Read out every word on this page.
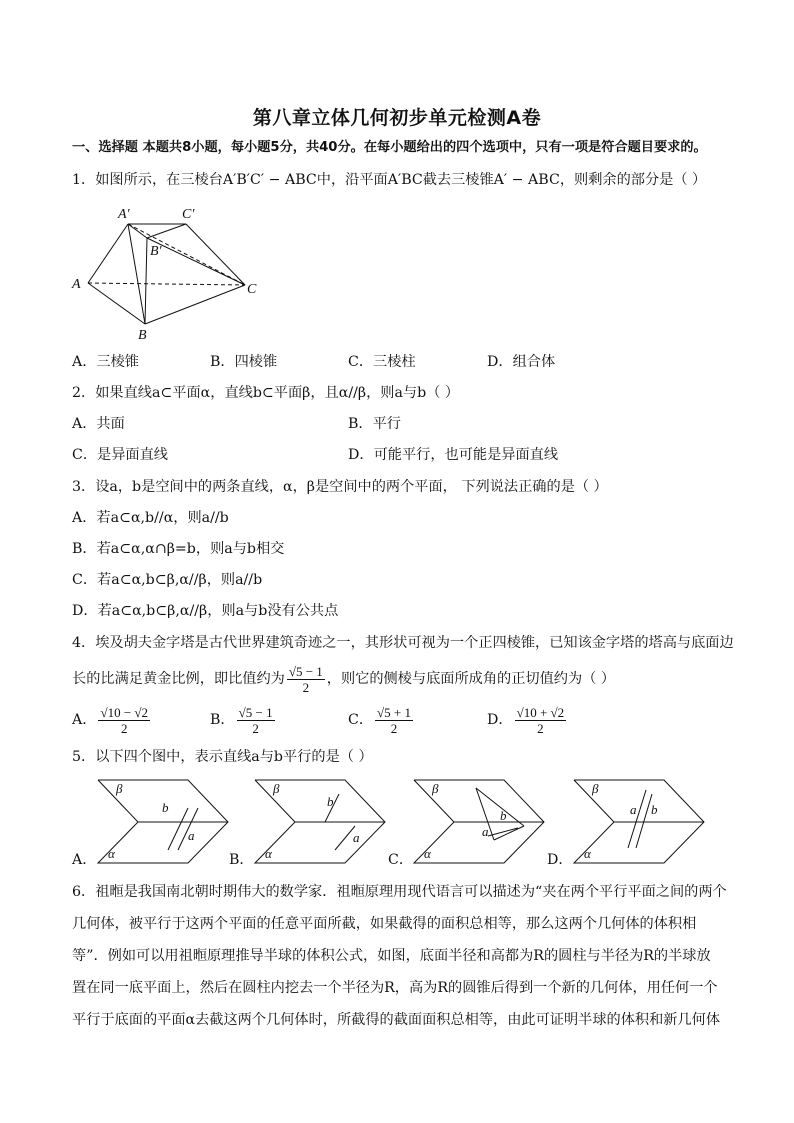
第八章立体几何初步单元检测A卷
一、选择题 本题共8小题，每小题5分，共40分。在每小题给出的四个选项中，只有一项是符合题目要求的。
1．如图所示，在三棱台A′B′C′ − ABC中，沿平面A′BC截去三棱锥A′ − ABC，则剩余的部分是（ ）
A′	C′
B′
A	C
B
A．三棱锥	B．四棱锥	C．三棱柱	D．组合体
2．如果直线a⊂平面α，直线b⊂平面β，且α//β，则a与b（ ）
A．共面	B．平行
C．是异面直线	D．可能平行，也可能是异面直线
3．设a，b是空间中的两条直线，α，β是空间中的两个平面， 下列说法正确的是（ ）
A．若a⊂α,b//α，则a//b
B．若a⊂α,α∩β=b，则a与b相交
C．若a⊂α,b⊂β,α//β，则a//b
D．若a⊂α,b⊂β,α//β，则a与b没有公共点
4．埃及胡夫金字塔是古代世界建筑奇迹之一，其形状可视为一个正四棱锥，已知该金字塔的塔高与底面边
长的比满足黄金比例，即比值约为 $\frac{√5 - 1}{2}$ ，则它的侧棱与底面所成角的正切值约为（ ）
A． $\frac{√10 - √2}{2}$	B． $\frac{√5 - 1}{2}$	C． $\frac{√5 + 1}{2}$	D． $\frac{√10 + √2}{2}$
5．以下四个图中，表示直线a与b平行的是（ ）
A．
β
α
a
b
B．
β
α
a
b
C．
β
α
a
b
D．
β
α
a b
6．祖暅是我国南北朝时期伟大的数学家．祖暅原理用现代语言可以描述为“夹在两个平行平面之间的两个
几何体，被平行于这两个平面的任意平面所截，如果截得的面积总相等，那么这两个几何体的体积相
等”．例如可以用祖暅原理推导半球的体积公式，如图，底面半径和高都为R的圆柱与半径为R的半球放
置在同一底平面上，然后在圆柱内挖去一个半径为R，高为R的圆锥后得到一个新的几何体，用任何一个
平行于底面的平面α去截这两个几何体时，所截得的截面面积总相等，由此可证明半球的体积和新几何体
